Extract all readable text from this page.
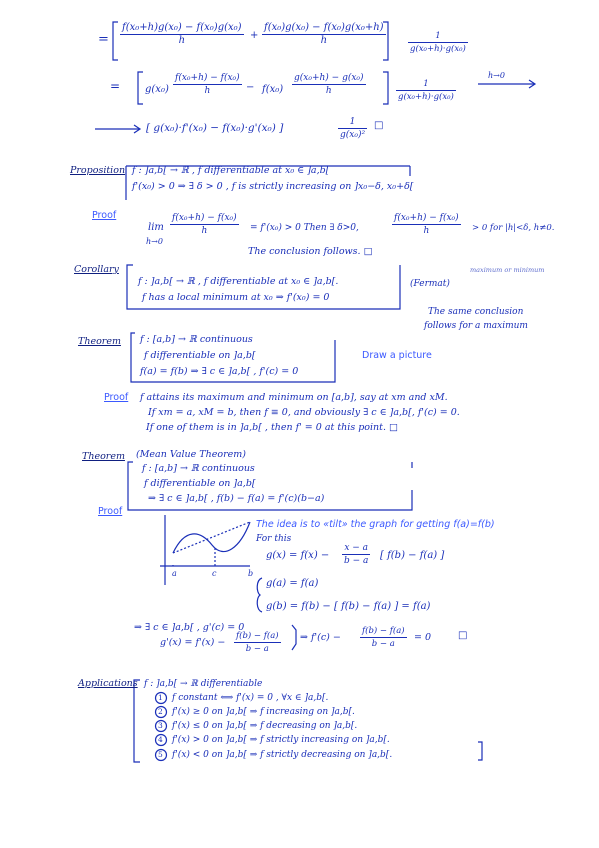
= $\frac{\text{f(x₀+h)g(x₀) − f(x₀)g(x₀)}}{h} + \frac{\text{f(x₀)g(x₀) − f(x₀)g(x₀+h)}}{h}$	$\frac{1}{\text{g(x₀+h)·g(x₀)}}$
= $g(x_0) \frac{\text{f(x₀+h) − f(x₀)}}{h} - f(x_0) \frac{\text{g(x₀+h) − g(x₀)}}{h}$	$\frac{1}{\text{g(x₀+h)·g(x₀)}}$
h→0
[ g(x₀)·f'(x₀) − f(x₀)·g'(x₀) ]	$\frac{1}{\text{g(x₀)²}}$ □
Proposition f : ]a,b[ → ℝ , f differentiable at x₀ ∈ ]a,b[
f'(x₀) > 0 ⇒ ∃ δ > 0 , f is strictly increasing on ]x₀−δ, x₀+δ[
Proof
lim
h→0
$\frac{\text{f(x₀+h) − f(x₀)}}{h} = f'(x_0) > 0$ Then ∃ δ>0,	$\frac{\text{f(x₀+h) − f(x₀)}}{h} > 0$ for |h|<δ, h≠0.
The conclusion follows. □
Corollary
f : ]a,b[ → ℝ , f differentiable at x₀ ∈ ]a,b[.
f has a local minimum at x₀ ⇒ f'(x₀) = 0
(Fermat)
maximum or minimum
The same conclusion
follows for a maximum
Theorem f : [a,b] → ℝ continuous
f differentiable on ]a,b[
f(a) = f(b) ⇒ ∃ c ∈ ]a,b[ , f'(c) = 0
Draw a picture
Proof f attains its maximum and minimum on [a,b], say at xm and xM.
If xm = a, xM = b, then f ≡ 0, and obviously ∃ c ∈ ]a,b[, f'(c) = 0.
If one of them is in ]a,b[ , then f' = 0 at this point. □
Theorem (Mean Value Theorem)
f : [a,b] → ℝ continuous
f differentiable on ]a,b[
⇒ ∃ c ∈ ]a,b[ , f(b) − f(a) = f'(c)(b−a)
Proof
a	c	b
The idea is to «tilt» the graph for getting f(a)=f(b)
For this
$g(x) = f(x) - \frac{x - a}{b - a}$ [ f(b) − f(a) ]
g(a) = f(a)
g(b) = f(b) − [ f(b) − f(a) ] = f(a)
⇒ ∃ c ∈ ]a,b[ , g'(c) = 0
$g'(x) = f'(x) - \frac{f(b) - f(a)}{b - a}$ ⇒ $f'(c) - \frac{f(b) - f(a)}{b - a} = 0$	□
Applications f : ]a,b[ → ℝ differentiable
1 f constant ⟺ f'(x) = 0 , ∀x ∈ ]a,b[.
2 f'(x) ≥ 0 on ]a,b[ ⇒ f increasing on ]a,b[.
3 f'(x) ≤ 0 on ]a,b[ ⇒ f decreasing on ]a,b[.
4 f'(x) > 0 on ]a,b[ ⇒ f strictly increasing on ]a,b[.
5 f'(x) < 0 on ]a,b[ ⇒ f strictly decreasing on ]a,b[.
